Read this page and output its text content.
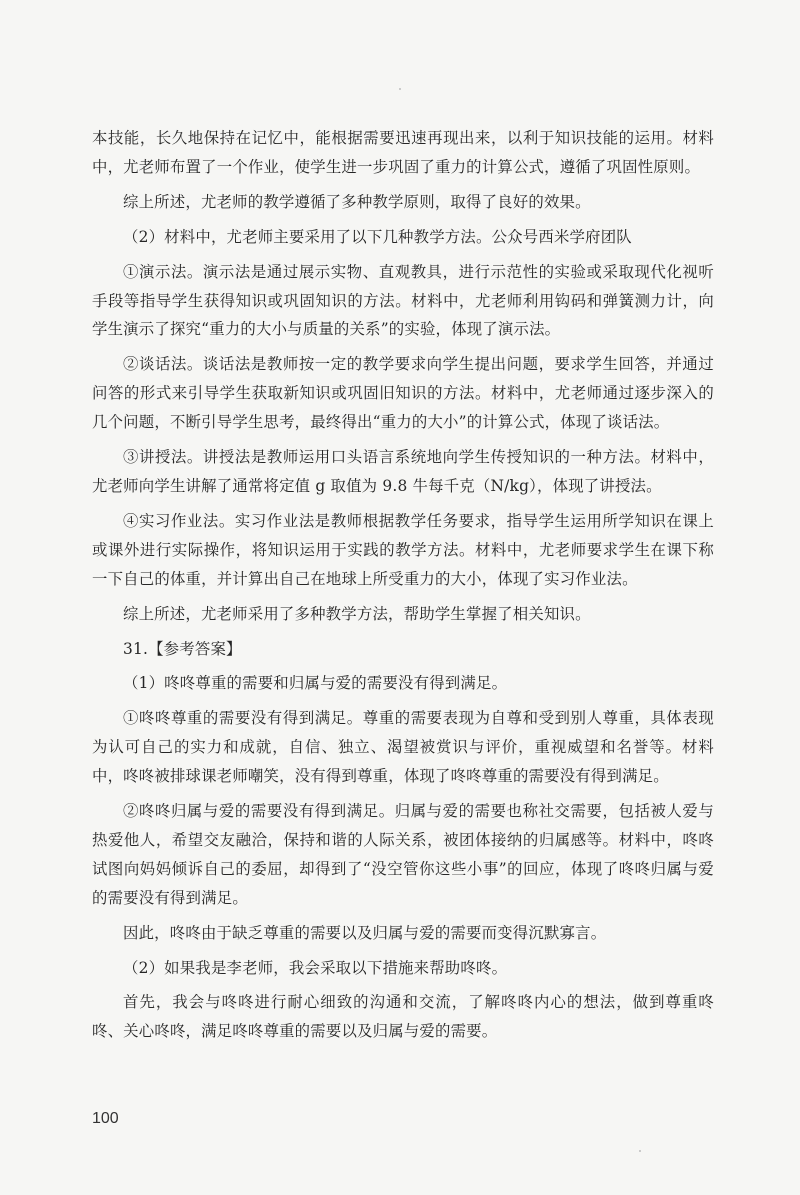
本技能，长久地保持在记忆中，能根据需要迅速再现出来，以利于知识技能的运用。材料中，尤老师布置了一个作业，使学生进一步巩固了重力的计算公式，遵循了巩固性原则。

综上所述，尤老师的教学遵循了多种教学原则，取得了良好的效果。

（2）材料中，尤老师主要采用了以下几种教学方法。公众号西米学府团队

①演示法。演示法是通过展示实物、直观教具，进行示范性的实验或采取现代化视听手段等指导学生获得知识或巩固知识的方法。材料中，尤老师利用钩码和弹簧测力计，向学生演示了探究“重力的大小与质量的关系”的实验，体现了演示法。

②谈话法。谈话法是教师按一定的教学要求向学生提出问题，要求学生回答，并通过问答的形式来引导学生获取新知识或巩固旧知识的方法。材料中，尤老师通过逐步深入的几个问题，不断引导学生思考，最终得出“重力的大小”的计算公式，体现了谈话法。

③讲授法。讲授法是教师运用口头语言系统地向学生传授知识的一种方法。材料中，尤老师向学生讲解了通常将定值 g 取值为 9.8 牛每千克（N/kg），体现了讲授法。

④实习作业法。实习作业法是教师根据教学任务要求，指导学生运用所学知识在课上或课外进行实际操作，将知识运用于实践的教学方法。材料中，尤老师要求学生在课下称一下自己的体重，并计算出自己在地球上所受重力的大小，体现了实习作业法。

综上所述，尤老师采用了多种教学方法，帮助学生掌握了相关知识。

31.【参考答案】

（1）咚咚尊重的需要和归属与爱的需要没有得到满足。

①咚咚尊重的需要没有得到满足。尊重的需要表现为自尊和受到别人尊重，具体表现为认可自己的实力和成就，自信、独立、渴望被赏识与评价，重视威望和名誉等。材料中，咚咚被排球课老师嘲笑，没有得到尊重，体现了咚咚尊重的需要没有得到满足。

②咚咚归属与爱的需要没有得到满足。归属与爱的需要也称社交需要，包括被人爱与热爱他人，希望交友融洽，保持和谐的人际关系，被团体接纳的归属感等。材料中，咚咚试图向妈妈倾诉自己的委屈，却得到了“没空管你这些小事”的回应，体现了咚咚归属与爱的需要没有得到满足。

因此，咚咚由于缺乏尊重的需要以及归属与爱的需要而变得沉默寡言。

（2）如果我是李老师，我会采取以下措施来帮助咚咚。

首先，我会与咚咚进行耐心细致的沟通和交流，了解咚咚内心的想法，做到尊重咚咚、关心咚咚，满足咚咚尊重的需要以及归属与爱的需要。

100
